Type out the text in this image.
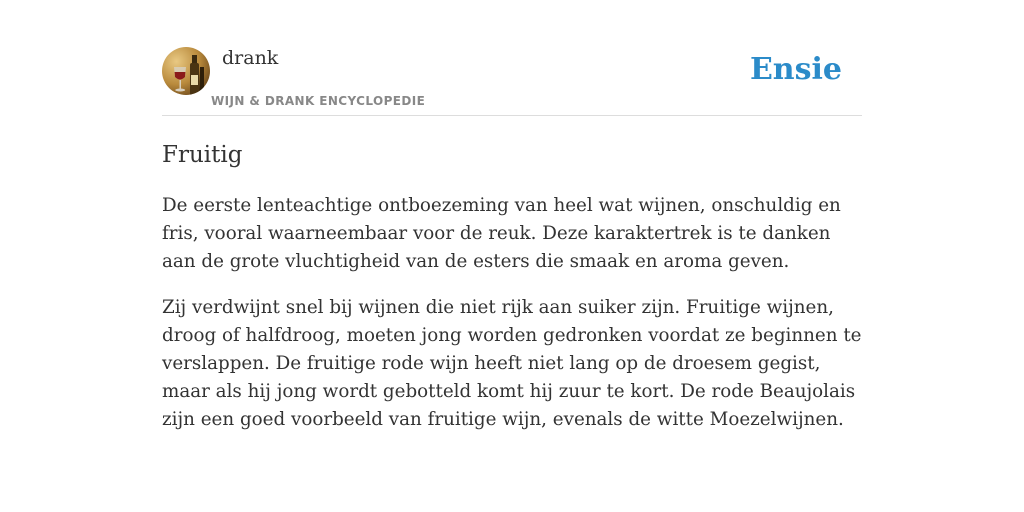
drank
WIJN & DRANK ENCYCLOPEDIE
Ensie
Fruitig

De eerste lenteachtige ontboezeming van heel wat wijnen, onschuldig en fris, vooral waarneembaar voor de reuk. Deze karaktertrek is te danken aan de grote vluchtigheid van de esters die smaak en aroma geven.

Zij verdwijnt snel bij wijnen die niet rijk aan suiker zijn. Fruitige wijnen, droog of halfdroog, moeten jong worden gedronken voordat ze beginnen te verslappen. De fruitige rode wijn heeft niet lang op de droesem gegist, maar als hij jong wordt gebotteld komt hij zuur te kort. De rode Beaujolais zijn een goed voorbeeld van fruitige wijn, evenals de witte Moezelwijnen.
